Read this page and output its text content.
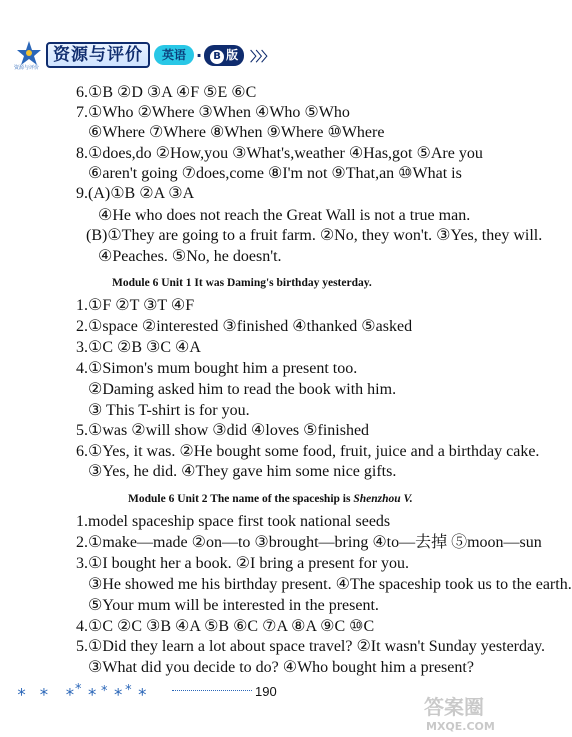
资源与评价
资源与评价	英语 ·	B 版 〉〉〉
6.①B ②D ③A ④F ⑤E ⑥C
7.①Who ②Where ③When ④Who ⑤Who
⑥Where ⑦Where ⑧When ⑨Where ⑩Where
8.①does,do ②How,you ③What's,weather ④Has,got ⑤Are you
⑥aren't going ⑦does,come ⑧I'm not ⑨That,an ⑩What is
9.(A)①B ②A ③A
④He who does not reach the Great Wall is not a true man.
(B)①They are going to a fruit farm. ②No, they won't. ③Yes, they will.
④Peaches. ⑤No, he doesn't.
Module 6 Unit 1 It was Daming's birthday yesterday.
1.①F ②T ③T ④F
2.①space ②interested ③finished ④thanked ⑤asked
3.①C ②B ③C ④A
4.①Simon's mum bought him a present too.
②Daming asked him to read the book with him.
③ This T-shirt is for you.
5.①was ②will show ③did ④loves ⑤finished
6.①Yes, it was. ②He bought some food, fruit, juice and a birthday cake.
③Yes, he did. ④They gave him some nice gifts.
Module 6 Unit 2 The name of the spaceship is Shenzhou V.
1.model spaceship space first took national seeds
2.①make—made ②on—to ③brought—bring ④to—去掉 ⑤moon—sun
3.①I bought her a book. ②I bring a present for you.
③He showed me his birthday present. ④The spaceship took us to the earth.
⑤Your mum will be interested in the present.
4.①C ②C ③B ④A ⑤B ⑥C ⑦A ⑧A ⑨C ⑩C
5.①Did they learn a lot about space travel? ②It wasn't Sunday yesterday.
③What did you decide to do? ④Who bought him a present?
* * * * * * * * *	190
答案圈
MXQE.COM
